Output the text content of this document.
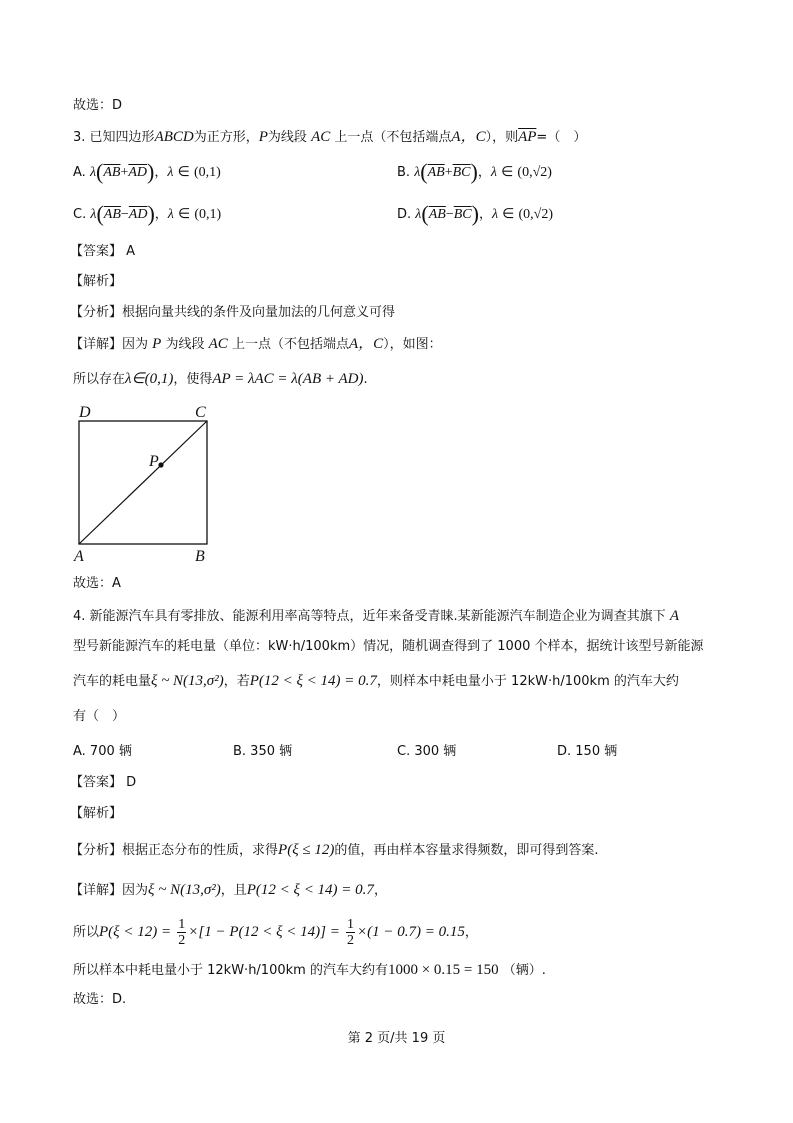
故选：D
3. 已知四边形ABCD为正方形，P为线段 AC 上一点（不包括端点A，C），则$\overline{AP}=$（　）
A. $\lambda(\overline{AB}+\overline{AD})$，λ ∈ (0,1)	B. $\lambda(\overline{AB}+\overline{BC})$，λ ∈ (0,√2)
C. $\lambda(\overline{AB}-\overline{AD})$，λ ∈ (0,1)	D. $\lambda(\overline{AB}-\overline{BC})$，λ ∈ (0,√2)
【答案】 A
【解析】
【分析】根据向量共线的条件及向量加法的几何意义可得
【详解】因为 P 为线段 AC 上一点（不包括端点A，C），如图：
所以存在λ∈(0,1)，使得AP = λAC = λ(AB + AD).
D	C
P
A	B
故选：A
4. 新能源汽车具有零排放、能源利用率高等特点，近年来备受青睐.某新能源汽车制造企业为调查其旗下 A
型号新能源汽车的耗电量（单位：kW·h/100km）情况，随机调查得到了 1000 个样本，据统计该型号新能源
汽车的耗电量ξ ~ N(13,σ²)，若P(12 < ξ < 14) = 0.7，则样本中耗电量小于 12kW·h/100km 的汽车大约
有（　）
A. 700 辆	B. 350 辆	C. 300 辆	D. 150 辆
【答案】 D
【解析】
【分析】根据正态分布的性质，求得P(ξ ≤ 12)的值，再由样本容量求得频数，即可得到答案.
【详解】因为ξ ~ N(13,σ²)，且P(12 < ξ < 14) = 0.7，
所以$P(\xi < 12) = \frac{1}{2} \times[1 - P(12 < \xi < 14)] = \frac{1}{2} \times(1 - 0.7) = 0.15$，
所以样本中耗电量小于 12kW·h/100km 的汽车大约有1000 × 0.15 = 150 （辆）.
故选：D.
第 2 页/共 19 页
